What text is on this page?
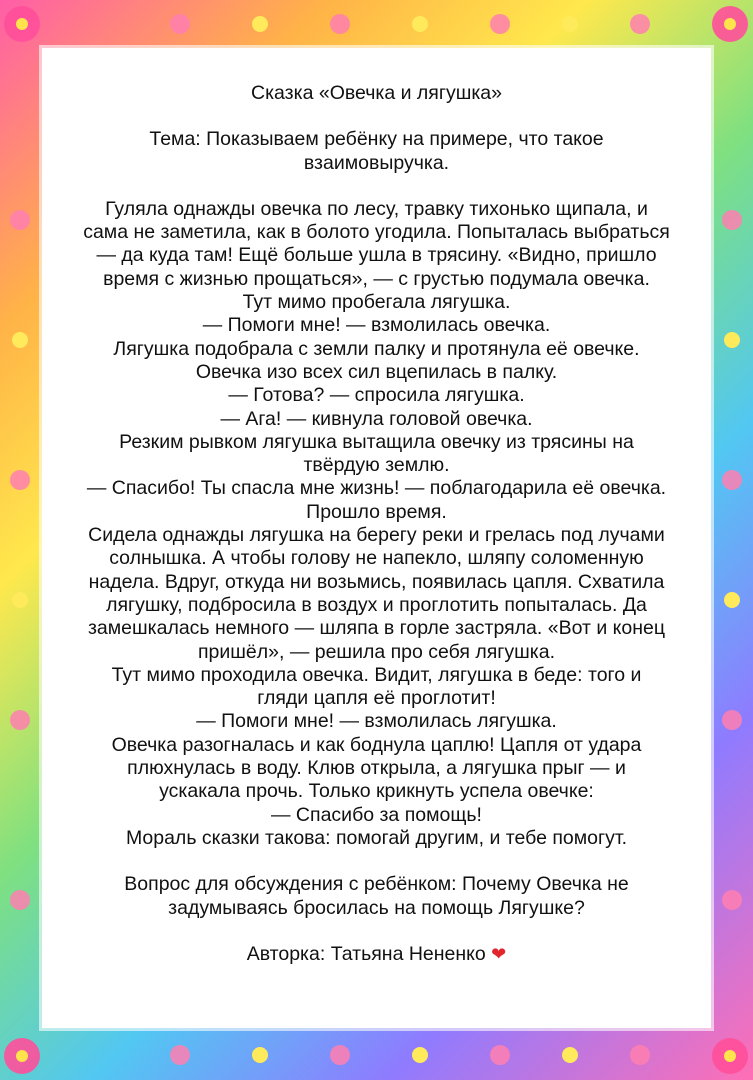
Сказка «Овечка и лягушка»

Тема: Показываем ребёнку на примере, что такое

взаимовыручка.

Гуляла однажды овечка по лесу, травку тихонько щипала, и

сама не заметила, как в болото угодила. Попыталась выбраться

— да куда там! Ещё больше ушла в трясину. «Видно, пришло

время с жизнью прощаться», — с грустью подумала овечка.

Тут мимо пробегала лягушка.

— Помоги мне! — взмолилась овечка.

Лягушка подобрала с земли палку и протянула её овечке.

Овечка изо всех сил вцепилась в палку.

— Готова? — спросила лягушка.

— Ага! — кивнула головой овечка.

Резким рывком лягушка вытащила овечку из трясины на

твёрдую землю.

— Спасибо! Ты спасла мне жизнь! — поблагодарила её овечка.

Прошло время.

Сидела однажды лягушка на берегу реки и грелась под лучами

солнышка. А чтобы голову не напекло, шляпу соломенную

надела. Вдруг, откуда ни возьмись, появилась цапля. Схватила

лягушку, подбросила в воздух и проглотить попыталась. Да

замешкалась немного — шляпа в горле застряла. «Вот и конец

пришёл», — решила про себя лягушка.

Тут мимо проходила овечка. Видит, лягушка в беде: того и

гляди цапля её проглотит!

— Помоги мне! — взмолилась лягушка.

Овечка разогналась и как боднула цаплю! Цапля от удара

плюхнулась в воду. Клюв открыла, а лягушка прыг — и

ускакала прочь. Только крикнуть успела овечке:

— Спасибо за помощь!

Мораль сказки такова: помогай другим, и тебе помогут.

Вопрос для обсуждения с ребёнком: Почему Овечка не

задумываясь бросилась на помощь Лягушке?

Авторка: Татьяна Нененко ❤
